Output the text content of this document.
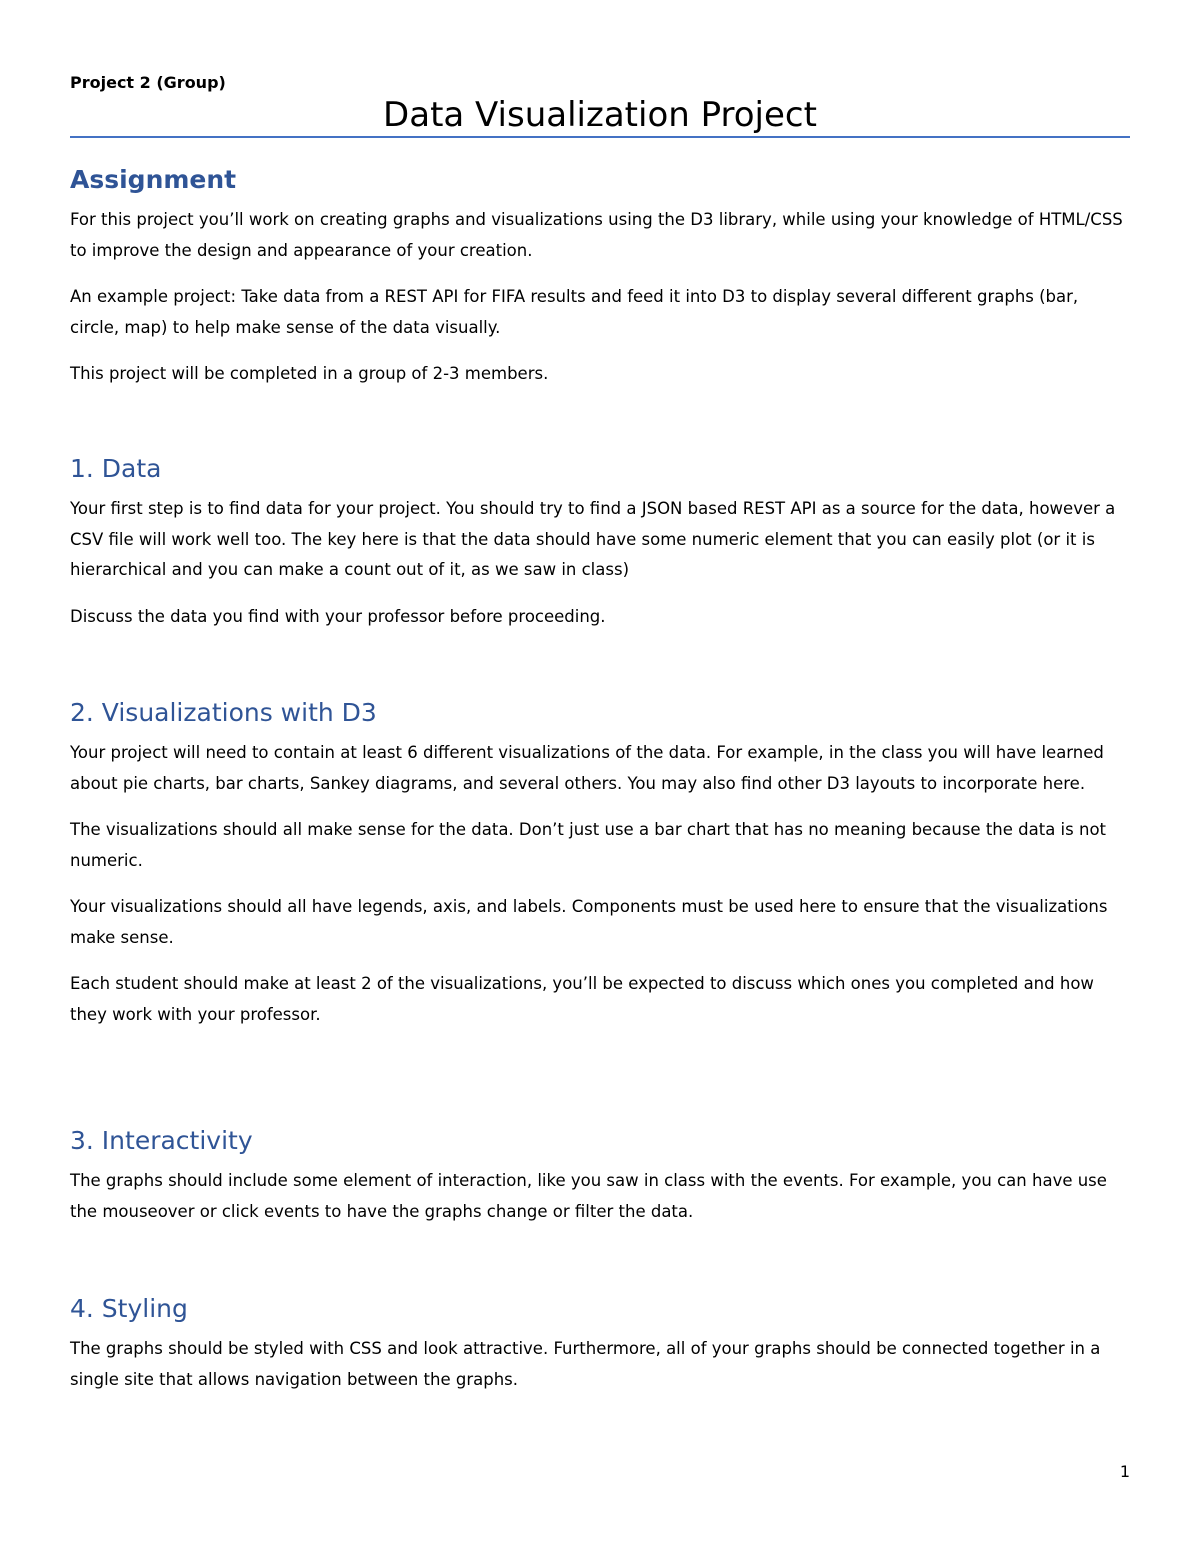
Project 2 (Group)
Data Visualization Project
Assignment

For this project you’ll work on creating graphs and visualizations using the D3 library, while using your knowledge of HTML/CSS to improve the design and appearance of your creation.

An example project: Take data from a REST API for FIFA results and feed it into D3 to display several different graphs (bar, circle, map) to help make sense of the data visually.

This project will be completed in a group of 2-3 members.

1. Data

Your first step is to find data for your project. You should try to find a JSON based REST API as a source for the data, however a CSV file will work well too. The key here is that the data should have some numeric element that you can easily plot (or it is hierarchical and you can make a count out of it, as we saw in class)

Discuss the data you find with your professor before proceeding.

2. Visualizations with D3

Your project will need to contain at least 6 different visualizations of the data. For example, in the class you will have learned about pie charts, bar charts, Sankey diagrams, and several others. You may also find other D3 layouts to incorporate here.

The visualizations should all make sense for the data. Don’t just use a bar chart that has no meaning because the data is not numeric.

Your visualizations should all have legends, axis, and labels. Components must be used here to ensure that the visualizations make sense.

Each student should make at least 2 of the visualizations, you’ll be expected to discuss which ones you completed and how they work with your professor.

3. Interactivity

The graphs should include some element of interaction, like you saw in class with the events. For example, you can have use the mouseover or click events to have the graphs change or filter the data.

4. Styling

The graphs should be styled with CSS and look attractive. Furthermore, all of your graphs should be connected together in a single site that allows navigation between the graphs.

1
